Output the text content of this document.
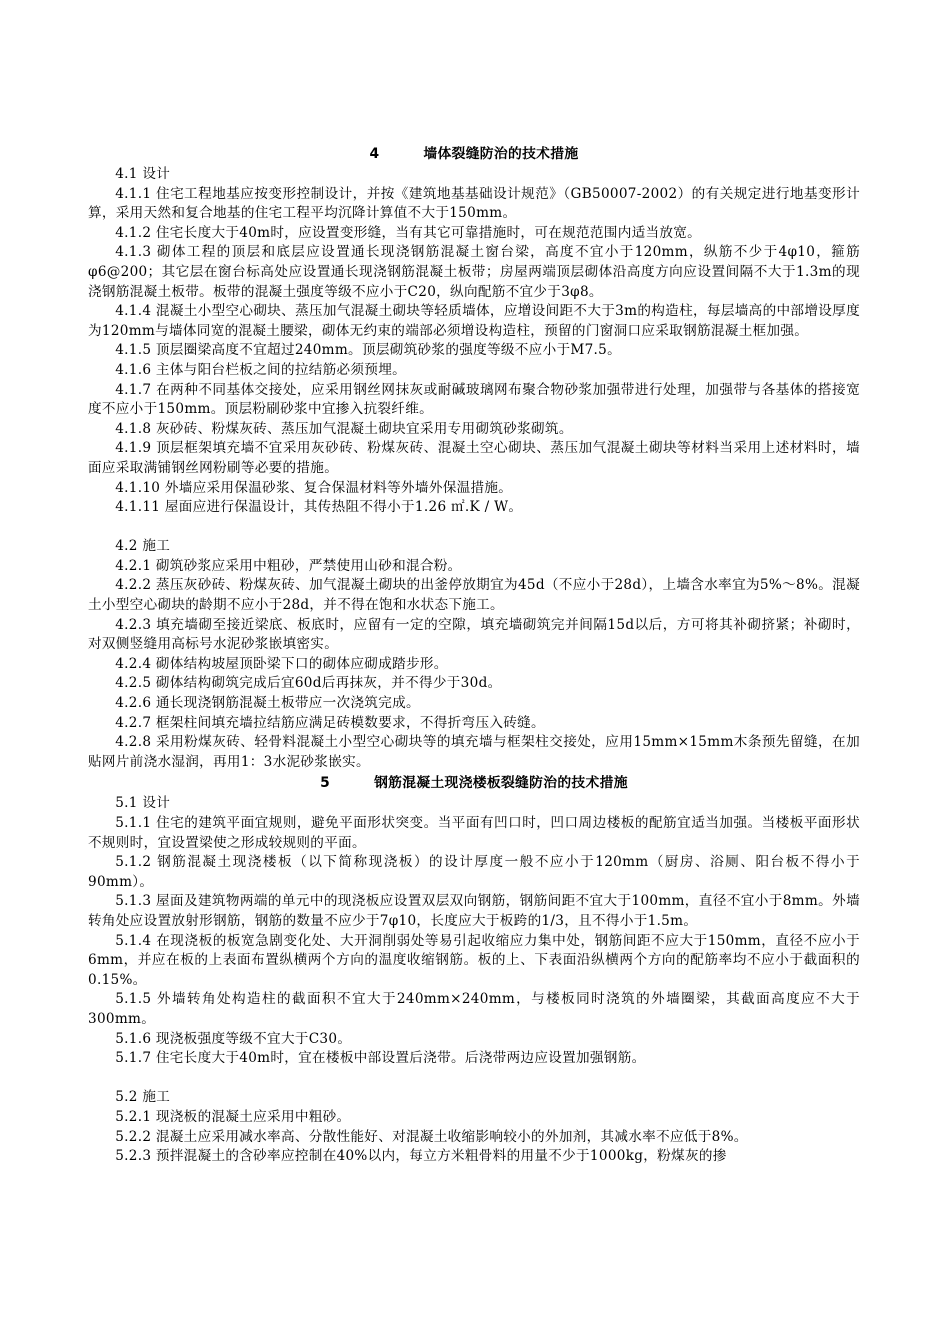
4	墙体裂缝防治的技术措施

4.1 设计

4.1.1 住宅工程地基应按变形控制设计，并按《建筑地基基础设计规范》（GB50007-2002）的有关规定进行地基变形计算，采用天然和复合地基的住宅工程平均沉降计算值不大于150mm。

4.1.2 住宅长度大于40m时，应设置变形缝，当有其它可靠措施时，可在规范范围内适当放宽。

4.1.3 砌体工程的顶层和底层应设置通长现浇钢筋混凝土窗台梁，高度不宜小于120mm，纵筋不少于4φ10，箍筋φ6@200；其它层在窗台标高处应设置通长现浇钢筋混凝土板带；房屋两端顶层砌体沿高度方向应设置间隔不大于1.3m的现浇钢筋混凝土板带。板带的混凝土强度等级不应小于C20，纵向配筋不宜少于3φ8。

4.1.4 混凝土小型空心砌块、蒸压加气混凝土砌块等轻质墙体，应增设间距不大于3m的构造柱，每层墙高的中部增设厚度为120mm与墙体同宽的混凝土腰梁，砌体无约束的端部必须增设构造柱，预留的门窗洞口应采取钢筋混凝土框加强。

4.1.5 顶层圈梁高度不宜超过240mm。顶层砌筑砂浆的强度等级不应小于M7.5。

4.1.6 主体与阳台栏板之间的拉结筋必须预埋。

4.1.7 在两种不同基体交接处，应采用钢丝网抹灰或耐碱玻璃网布聚合物砂浆加强带进行处理，加强带与各基体的搭接宽度不应小于150mm。顶层粉刷砂浆中宜掺入抗裂纤维。

4.1.8 灰砂砖、粉煤灰砖、蒸压加气混凝土砌块宜采用专用砌筑砂浆砌筑。

4.1.9 顶层框架填充墙不宜采用灰砂砖、粉煤灰砖、混凝土空心砌块、蒸压加气混凝土砌块等材料当采用上述材料时，墙面应采取满铺钢丝网粉刷等必要的措施。

4.1.10 外墙应采用保温砂浆、复合保温材料等外墙外保温措施。

4.1.11 屋面应进行保温设计，其传热阻不得小于1.26 ㎡.K / W。

4.2 施工

4.2.1 砌筑砂浆应采用中粗砂，严禁使用山砂和混合粉。

4.2.2 蒸压灰砂砖、粉煤灰砖、加气混凝土砌块的出釜停放期宜为45d（不应小于28d），上墙含水率宜为5%～8%。混凝土小型空心砌块的龄期不应小于28d，并不得在饱和水状态下施工。

4.2.3 填充墙砌至接近梁底、板底时，应留有一定的空隙，填充墙砌筑完并间隔15d以后，方可将其补砌挤紧；补砌时，对双侧竖缝用高标号水泥砂浆嵌填密实。

4.2.4 砌体结构坡屋顶卧梁下口的砌体应砌成踏步形。

4.2.5 砌体结构砌筑完成后宜60d后再抹灰，并不得少于30d。

4.2.6 通长现浇钢筋混凝土板带应一次浇筑完成。

4.2.7 框架柱间填充墙拉结筋应满足砖模数要求，不得折弯压入砖缝。

4.2.8 采用粉煤灰砖、轻骨料混凝土小型空心砌块等的填充墙与框架柱交接处，应用15mm×15mm木条预先留缝，在加贴网片前浇水湿润，再用1：3水泥砂浆嵌实。

5	钢筋混凝土现浇楼板裂缝防治的技术措施

5.1 设计

5.1.1 住宅的建筑平面宜规则，避免平面形状突变。当平面有凹口时，凹口周边楼板的配筋宜适当加强。当楼板平面形状不规则时，宜设置梁使之形成较规则的平面。

5.1.2 钢筋混凝土现浇楼板（以下简称现浇板）的设计厚度一般不应小于120mm（厨房、浴厕、阳台板不得小于90mm）。

5.1.3 屋面及建筑物两端的单元中的现浇板应设置双层双向钢筋，钢筋间距不宜大于100mm，直径不宜小于8mm。外墙转角处应设置放射形钢筋，钢筋的数量不应少于7φ10，长度应大于板跨的1/3，且不得小于1.5m。

5.1.4 在现浇板的板宽急剧变化处、大开洞削弱处等易引起收缩应力集中处，钢筋间距不应大于150mm，直径不应小于6mm，并应在板的上表面布置纵横两个方向的温度收缩钢筋。板的上、下表面沿纵横两个方向的配筋率均不应小于截面积的0.15%。

5.1.5 外墙转角处构造柱的截面积不宜大于240mm×240mm，与楼板同时浇筑的外墙圈梁，其截面高度应不大于300mm。

5.1.6 现浇板强度等级不宜大于C30。

5.1.7 住宅长度大于40m时，宜在楼板中部设置后浇带。后浇带两边应设置加强钢筋。

5.2 施工

5.2.1 现浇板的混凝土应采用中粗砂。

5.2.2 混凝土应采用减水率高、分散性能好、对混凝土收缩影响较小的外加剂，其减水率不应低于8%。

5.2.3 预拌混凝土的含砂率应控制在40%以内，每立方米粗骨料的用量不少于1000kg，粉煤灰的掺
